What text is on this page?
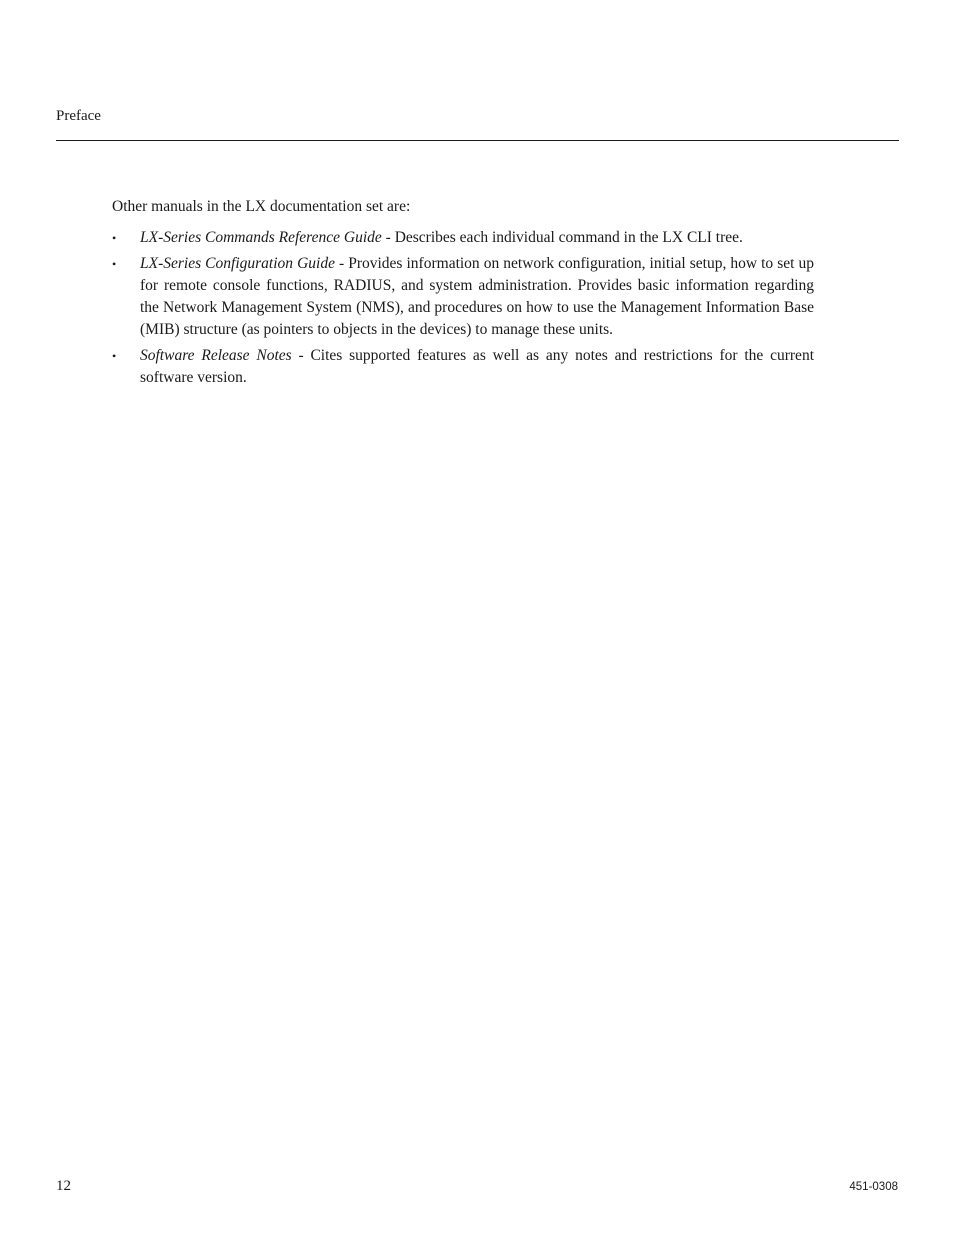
Preface

Other manuals in the LX documentation set are:

• LX-Series Commands Reference Guide - Describes each individual command in the LX CLI tree.
• LX-Series Configuration Guide - Provides information on network configuration, initial setup, how to set up for remote console functions, RADIUS, and system administration. Provides basic information regarding the Network Management System (NMS), and procedures on how to use the Management Information Base (MIB) structure (as pointers to objects in the devices) to manage these units.
• Software Release Notes - Cites supported features as well as any notes and restrictions for the current software version.
12	451-0308
